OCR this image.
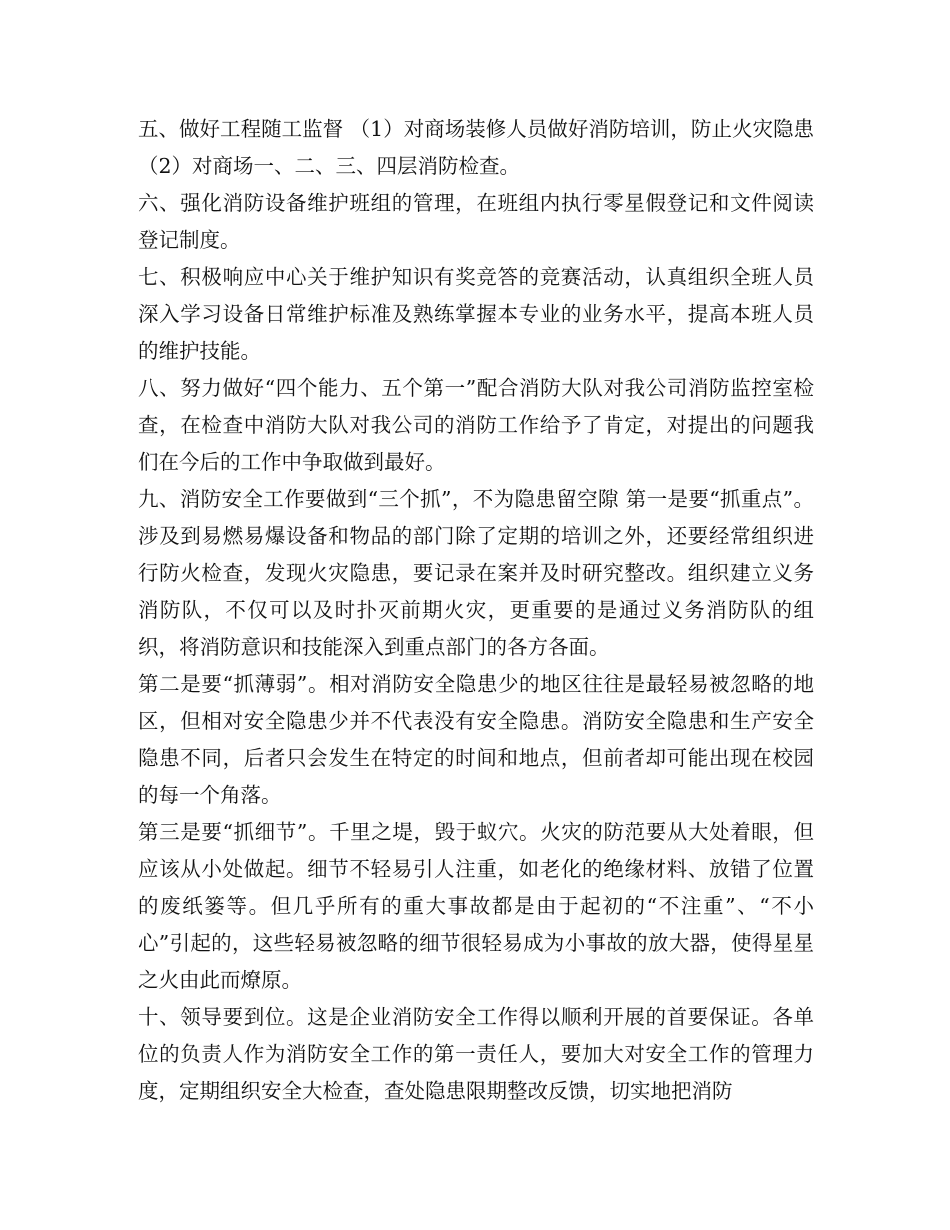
五、做好工程随工监督 （1）对商场装修人员做好消防培训，防止火灾隐患 （2）对商场一、二、三、四层消防检查。

六、强化消防设备维护班组的管理，在班组内执行零星假登记和文件阅读登记制度。

七、积极响应中心关于维护知识有奖竞答的竞赛活动，认真组织全班人员深入学习设备日常维护标准及熟练掌握本专业的业务水平，提高本班人员的维护技能。

八、努力做好“四个能力、五个第一”配合消防大队对我公司消防监控室检查，在检查中消防大队对我公司的消防工作给予了肯定，对提出的问题我们在今后的工作中争取做到最好。

九、消防安全工作要做到“三个抓”，不为隐患留空隙 第一是要“抓重点”。涉及到易燃易爆设备和物品的部门除了定期的培训之外，还要经常组织进行防火检查，发现火灾隐患，要记录在案并及时研究整改。组织建立义务消防队，不仅可以及时扑灭前期火灾，更重要的是通过义务消防队的组织，将消防意识和技能深入到重点部门的各方各面。

第二是要“抓薄弱”。相对消防安全隐患少的地区往往是最轻易被忽略的地区，但相对安全隐患少并不代表没有安全隐患。消防安全隐患和生产安全隐患不同，后者只会发生在特定的时间和地点，但前者却可能出现在校园的每一个角落。

第三是要“抓细节”。千里之堤，毁于蚁穴。火灾的防范要从大处着眼，但应该从小处做起。细节不轻易引人注重，如老化的绝缘材料、放错了位置的废纸篓等。但几乎所有的重大事故都是由于起初的“不注重”、“不小心”引起的，这些轻易被忽略的细节很轻易成为小事故的放大器，使得星星之火由此而燎原。

十、领导要到位。这是企业消防安全工作得以顺利开展的首要保证。各单位的负责人作为消防安全工作的第一责任人，要加大对安全工作的管理力度，定期组织安全大检查，查处隐患限期整改反馈，切实地把消防
